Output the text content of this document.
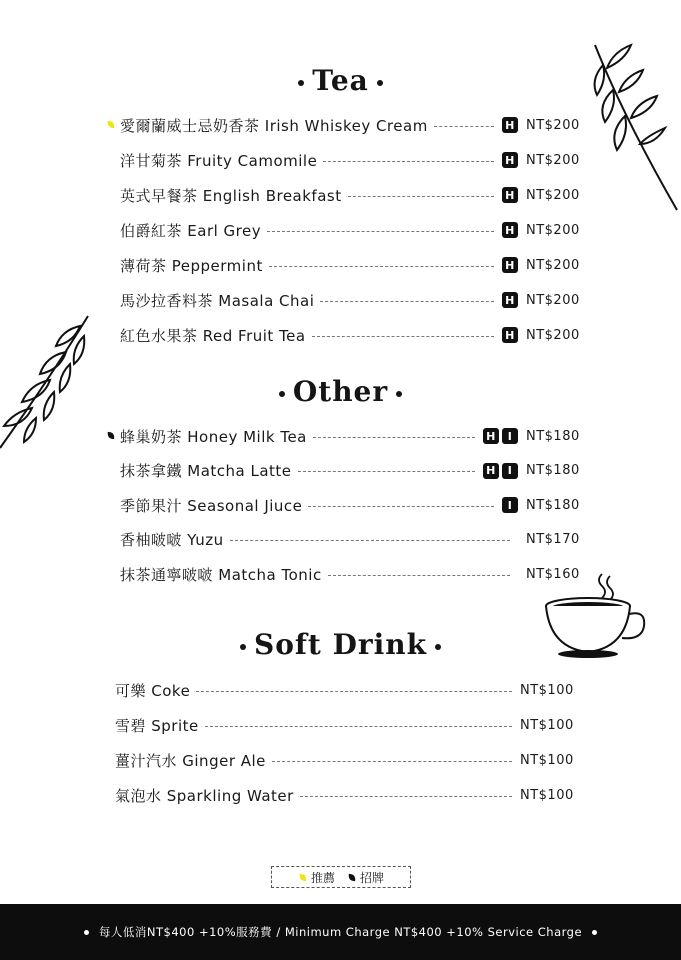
Tea
Other
Soft Drink
愛爾蘭威士忌奶香茶 Irish Whiskey Cream	H NT$200
洋甘菊茶 Fruity Camomile	H NT$200
英式早餐茶 English Breakfast	H NT$200
伯爵紅茶 Earl Grey	H NT$200
薄荷茶 Peppermint	H NT$200
馬沙拉香料茶 Masala Chai	H NT$200
紅色水果茶 Red Fruit Tea	H NT$200
蜂巢奶茶 Honey Milk Tea	H	I	NT$180
抹茶拿鐵 Matcha Latte	H	I	NT$180
季節果汁 Seasonal Jiuce	I	NT$180
香柚啵啵 Yuzu	NT$170
抹茶通寧啵啵 Matcha Tonic	NT$160
可樂 Coke	NT$100
雪碧 Sprite	NT$100
薑汁汽水 Ginger Ale	NT$100
氣泡水 Sparkling Water	NT$100
推薦 招牌
每人低消NT$400 +10%服務費 / Minimum Charge NT$400 +10% Service Charge
